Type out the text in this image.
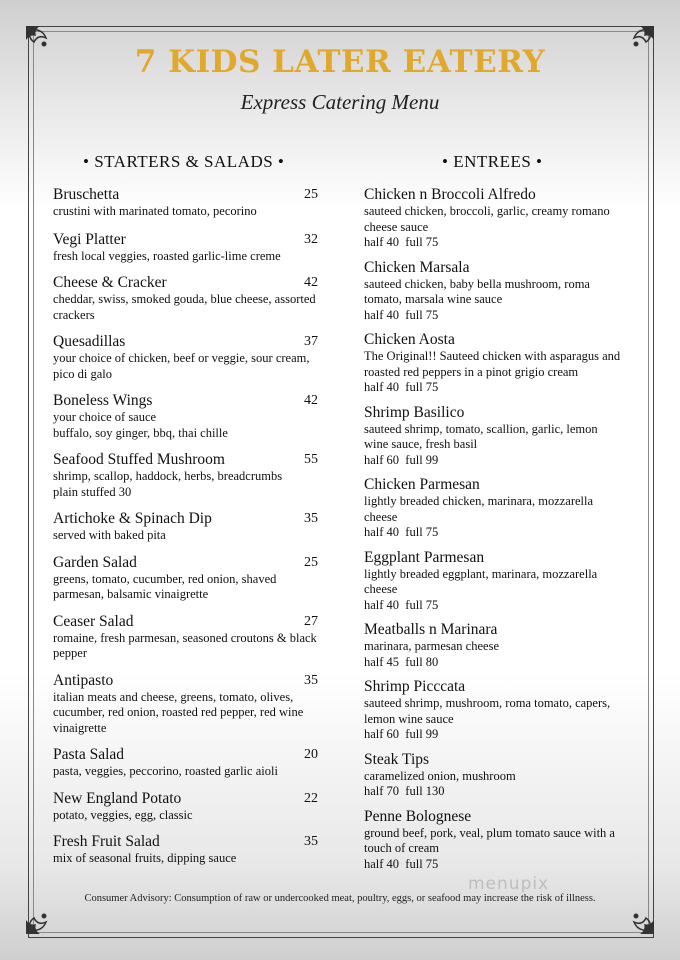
7 KIDS LATER EATERY
Express Catering Menu
• STARTERS & SALADS •
Bruschetta	25
crustini with marinated tomato, pecorino
Vegi Platter	32
fresh local veggies, roasted garlic-lime creme
Cheese & Cracker	42
cheddar, swiss, smoked gouda, blue cheese, assorted crackers
Quesadillas	37
your choice of chicken, beef or veggie, sour cream, pico di galo
Boneless Wings	42
your choice of sauce
buffalo, soy ginger, bbq, thai chille
Seafood Stuffed Mushroom	55
shrimp, scallop, haddock, herbs, breadcrumbs
plain stuffed 30
Artichoke & Spinach Dip	35
served with baked pita
Garden Salad	25
greens, tomato, cucumber, red onion, shaved parmesan, balsamic vinaigrette
Ceaser Salad	27
romaine, fresh parmesan, seasoned croutons & black pepper
Antipasto	35
italian meats and cheese, greens, tomato, olives, cucumber, red onion, roasted red pepper, red wine vinaigrette
Pasta Salad	20
pasta, veggies, peccorino, roasted garlic aioli
New England Potato	22
potato, veggies, egg, classic
Fresh Fruit Salad	35
mix of seasonal fruits, dipping sauce
• ENTREES •
Chicken n Broccoli Alfredo
sauteed chicken, broccoli, garlic, creamy romano cheese sauce
half 40  full 75
Chicken Marsala
sauteed chicken, baby bella mushroom, roma tomato, marsala wine sauce
half 40  full 75
Chicken Aosta
The Original!! Sauteed chicken with asparagus and roasted red peppers in a pinot grigio cream
half 40  full 75
Shrimp Basilico
sauteed shrimp, tomato, scallion, garlic, lemon wine sauce, fresh basil
half 60  full 99
Chicken Parmesan
lightly breaded chicken, marinara, mozzarella cheese
half 40  full 75
Eggplant Parmesan
lightly breaded eggplant, marinara, mozzarella cheese
half 40  full 75
Meatballs n Marinara
marinara, parmesan cheese
half 45  full 80
Shrimp Picccata
sauteed shrimp, mushroom, roma tomato, capers, lemon wine sauce
half 60  full 99
Steak Tips
caramelized onion, mushroom
half 70  full 130
Penne Bolognese
ground beef, pork, veal, plum tomato sauce with a touch of cream
half 40  full 75
menupix
Consumer Advisory: Consumption of raw or undercooked meat, poultry, eggs, or seafood may increase the risk of illness.
